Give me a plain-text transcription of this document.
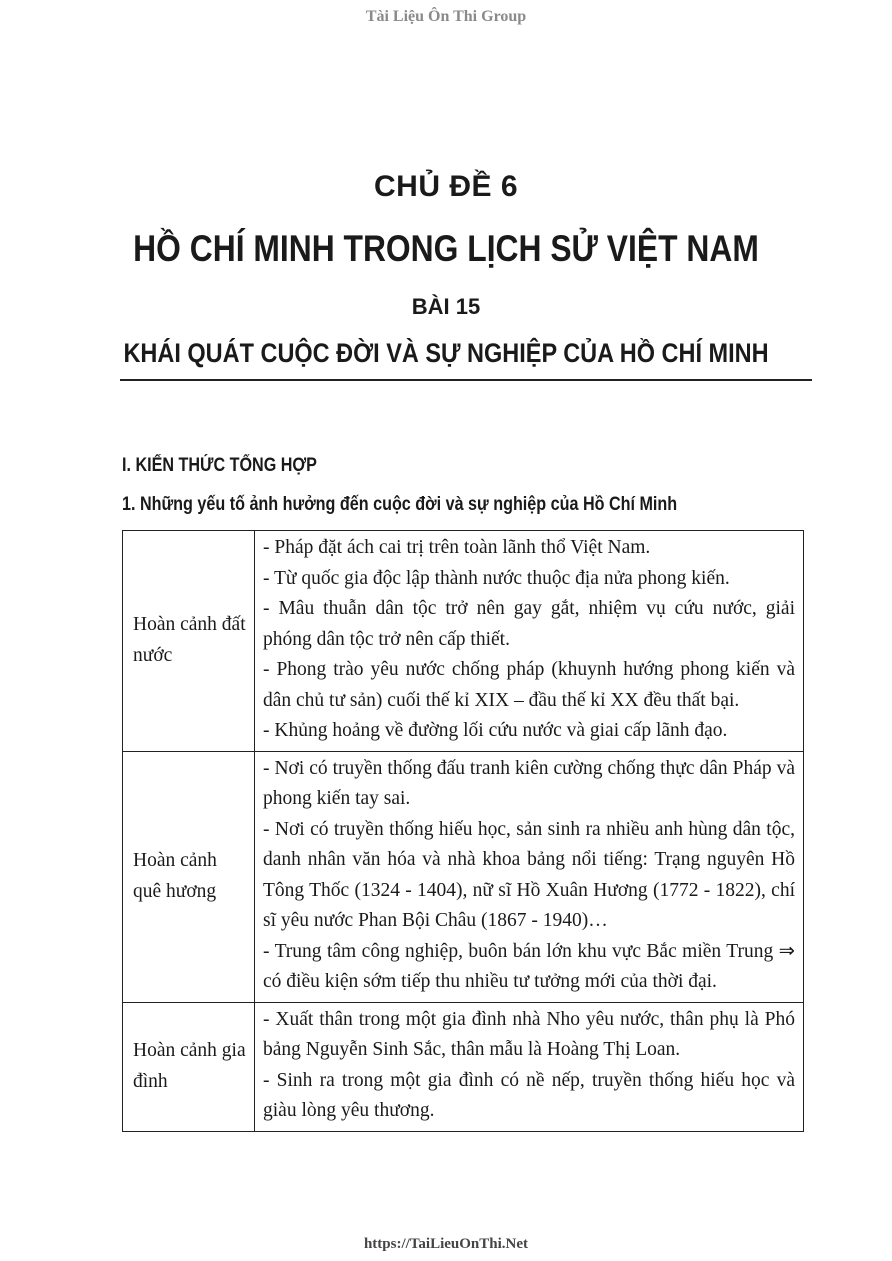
Tài Liệu Ôn Thi Group
CHỦ ĐỀ 6
HỒ CHÍ MINH TRONG LỊCH SỬ VIỆT NAM
BÀI 15
KHÁI QUÁT CUỘC ĐỜI VÀ SỰ NGHIỆP CỦA HỒ CHÍ MINH
I. KIẾN THỨC TỔNG HỢP
1. Những yếu tố ảnh hưởng đến cuộc đời và sự nghiệp của Hồ Chí Minh
Hoàn cảnh đất nước	- Pháp đặt ách cai trị trên toàn lãnh thổ Việt Nam.

- Từ quốc gia độc lập thành nước thuộc địa nửa phong kiến.

- Mâu thuẫn dân tộc trở nên gay gắt, nhiệm vụ cứu nước, giải phóng dân tộc trở nên cấp thiết.

- Phong trào yêu nước chống pháp (khuynh hướng phong kiến và dân chủ tư sản) cuối thế kỉ XIX – đầu thế kỉ XX đều thất bại.

- Khủng hoảng về đường lối cứu nước và giai cấp lãnh đạo.

Hoàn cảnh quê hương	- Nơi có truyền thống đấu tranh kiên cường chống thực dân Pháp và phong kiến tay sai.

- Nơi có truyền thống hiếu học, sản sinh ra nhiều anh hùng dân tộc, danh nhân văn hóa và nhà khoa bảng nổi tiếng: Trạng nguyên Hồ Tông Thốc (1324 - 1404), nữ sĩ Hồ Xuân Hương (1772 - 1822), chí sĩ yêu nước Phan Bội Châu (1867 - 1940)…

- Trung tâm công nghiệp, buôn bán lớn khu vực Bắc miền Trung ⇒ có điều kiện sớm tiếp thu nhiều tư tưởng mới của thời đại.

Hoàn cảnh gia đình	- Xuất thân trong một gia đình nhà Nho yêu nước, thân phụ là Phó bảng Nguyễn Sinh Sắc, thân mẫu là Hoàng Thị Loan.

- Sinh ra trong một gia đình có nề nếp, truyền thống hiếu học và giàu lòng yêu thương.

https://TaiLieuOnThi.Net
